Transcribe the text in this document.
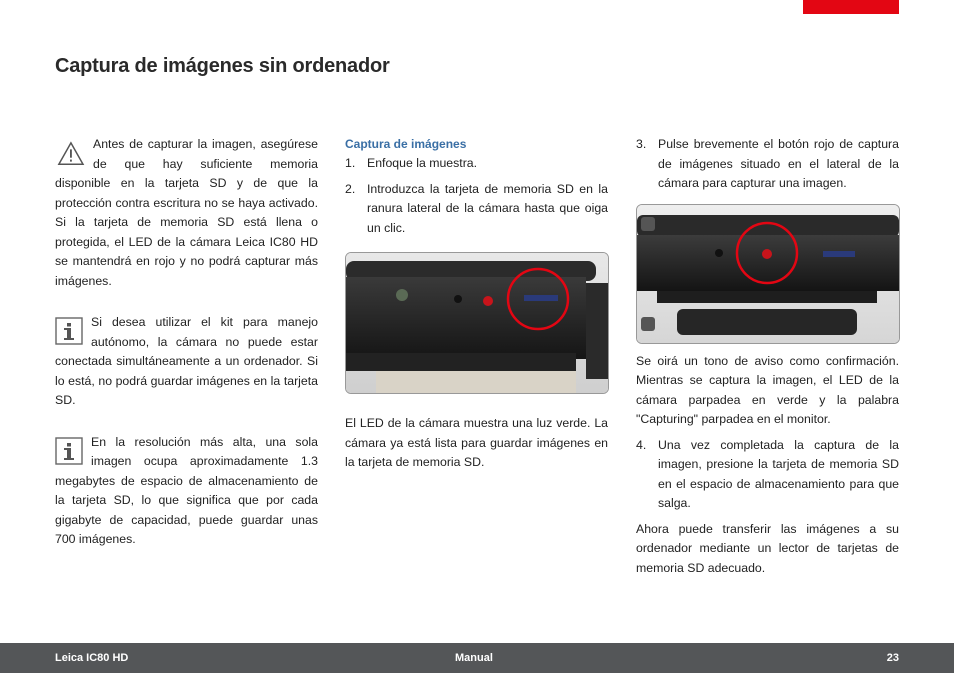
Captura de imágenes sin ordenador

Antes de capturar la imagen, asegúrese de que hay suficiente memoria disponible en la tarjeta SD y de que la protección contra escritura no se haya activado. Si la tarjeta de memoria SD está llena o protegida, el LED de la cámara Leica IC80 HD se mantendrá en rojo y no podrá capturar más imágenes.

Si desea utilizar el kit para manejo autónomo, la cámara no puede estar conectada simultáneamente a un ordenador. Si lo está, no podrá guardar imágenes en la tarjeta SD.

En la resolución más alta, una sola imagen ocupa aproximadamente 1.3 megabytes de espacio de almacenamiento de la tarjeta SD, lo que significa que por cada gigabyte de capacidad, puede guardar unas 700 imágenes.

Captura de imágenes
1. Enfoque la muestra.
2. Introduzca la tarjeta de memoria SD en la ranura lateral de la cámara hasta que oiga un clic.

El LED de la cámara muestra una luz verde. La cámara ya está lista para guardar imágenes en la tarjeta de memoria SD.

3. Pulse brevemente el botón rojo de captura de imágenes situado en el lateral de la cámara para capturar una imagen.

Se oirá un tono de aviso como confirmación. Mientras se captura la imagen, el LED de la cámara parpadea en verde y la palabra "Capturing" parpadea en el monitor.

4. Una vez completada la captura de la imagen, presione la tarjeta de memoria SD en el espacio de almacenamiento para que salga.

Ahora puede transferir las imágenes a su ordenador mediante un lector de tarjetas de memoria SD adecuado.

Leica IC80 HD	Manual	23
